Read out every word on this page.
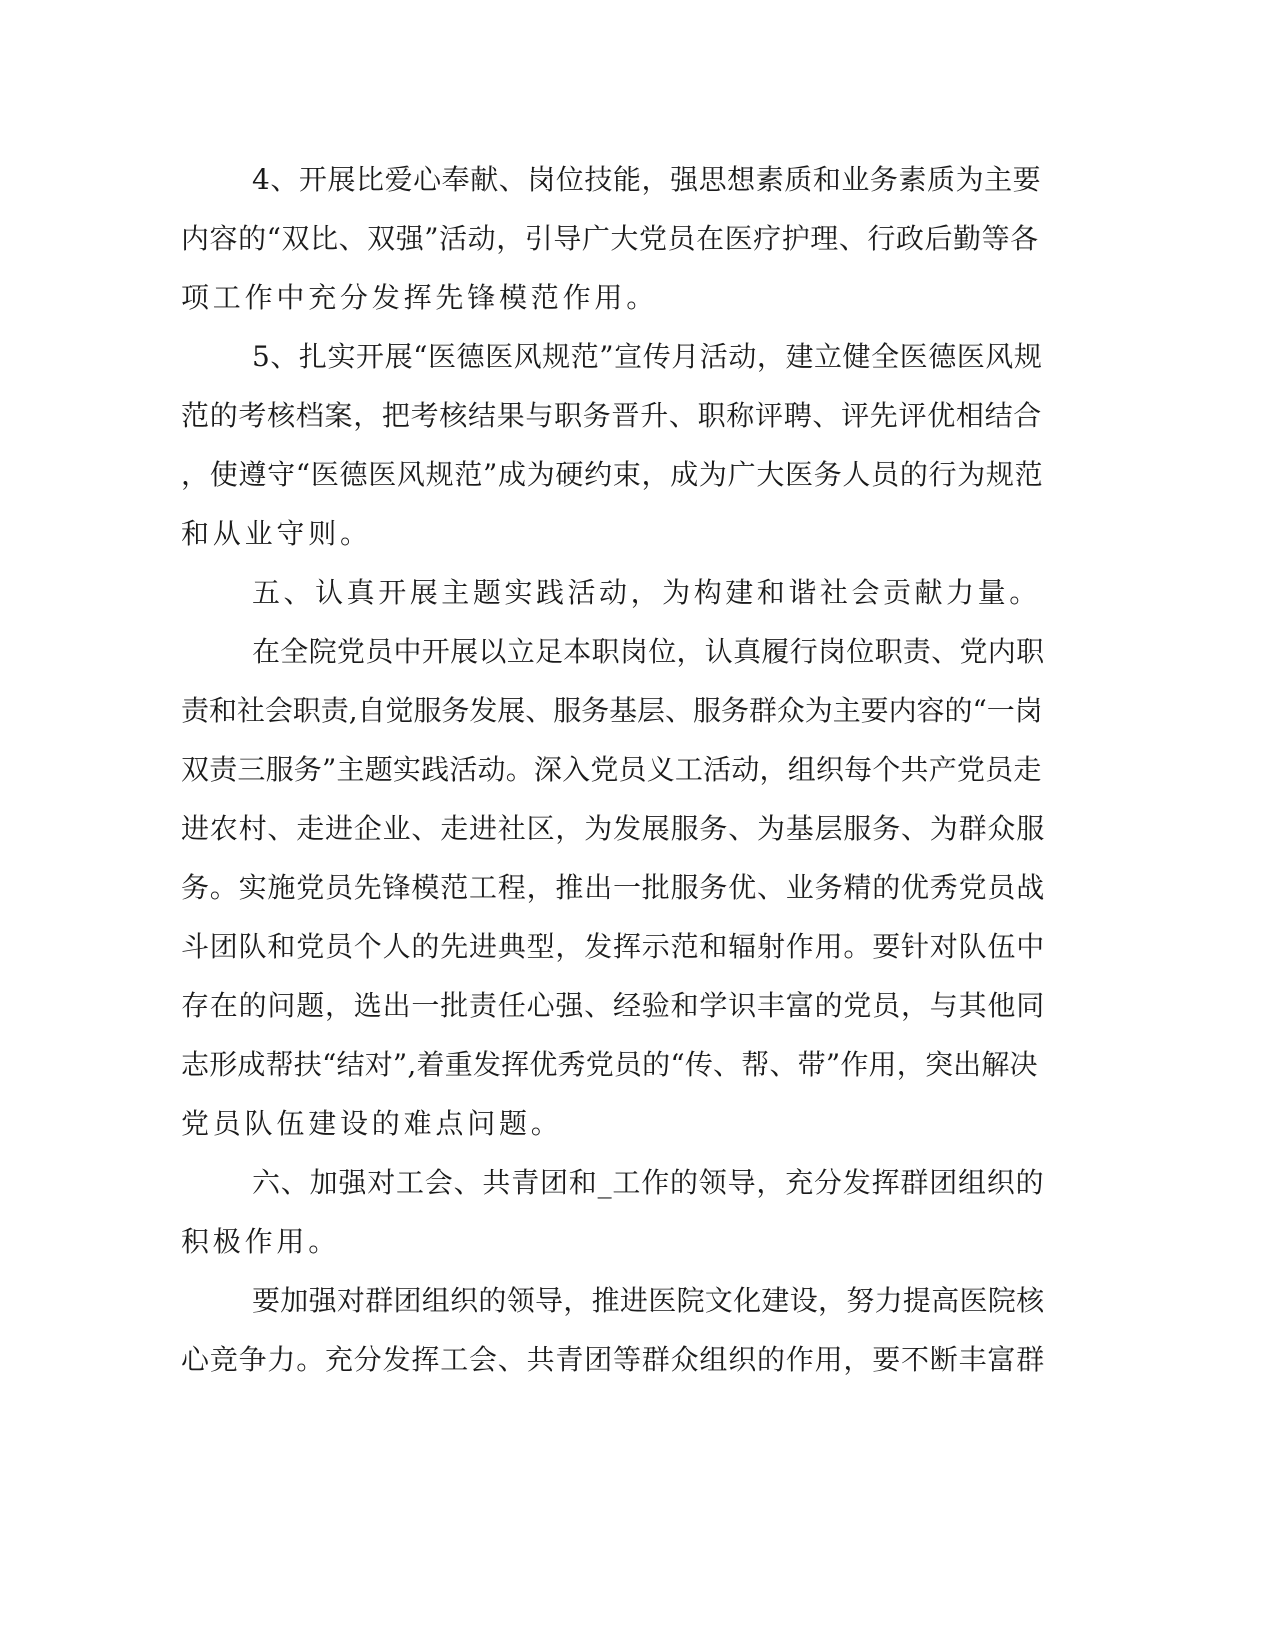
4、开展比爱心奉献、岗位技能，强思想素质和业务素质为主要
内容的“双比、双强”活动，引导广大党员在医疗护理、行政后勤等各
项工作中充分发挥先锋模范作用。
5、扎实开展“医德医风规范”宣传月活动，建立健全医德医风规
范的考核档案，把考核结果与职务晋升、职称评聘、评先评优相结合
，使遵守“医德医风规范”成为硬约束，成为广大医务人员的行为规范
和从业守则。
五、认真开展主题实践活动，为构建和谐社会贡献力量。
在全院党员中开展以立足本职岗位，认真履行岗位职责、党内职
责和社会职责,自觉服务发展、服务基层、服务群众为主要内容的“一岗
双责三服务”主题实践活动。深入党员义工活动，组织每个共产党员走
进农村、走进企业、走进社区，为发展服务、为基层服务、为群众服
务。实施党员先锋模范工程，推出一批服务优、业务精的优秀党员战
斗团队和党员个人的先进典型，发挥示范和辐射作用。要针对队伍中
存在的问题，选出一批责任心强、经验和学识丰富的党员，与其他同
志形成帮扶“结对”,着重发挥优秀党员的“传、帮、带”作用，突出解决
党员队伍建设的难点问题。
六、加强对工会、共青团和_工作的领导，充分发挥群团组织的
积极作用。
要加强对群团组织的领导，推进医院文化建设，努力提高医院核
心竞争力。充分发挥工会、共青团等群众组织的作用，要不断丰富群
